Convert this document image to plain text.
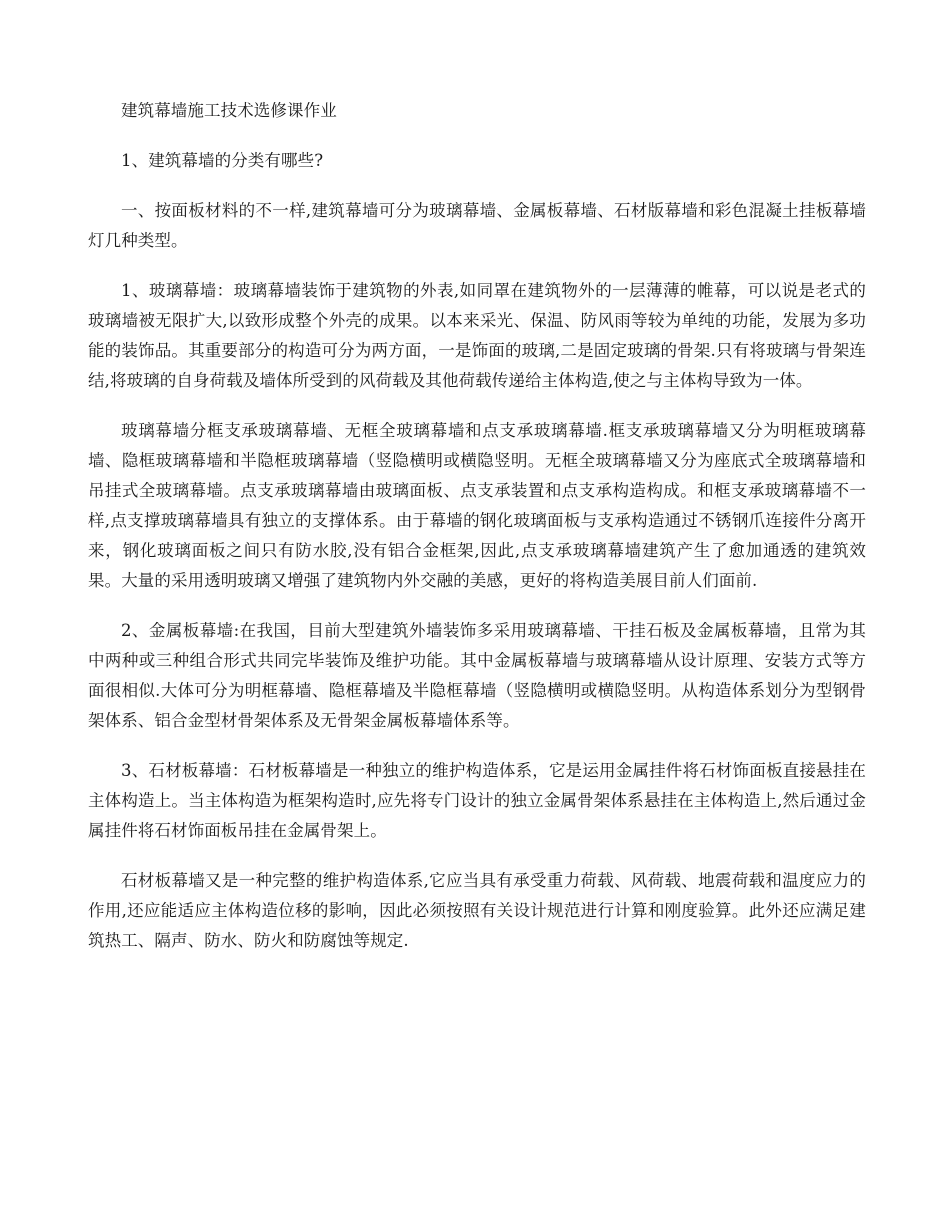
建筑幕墙施工技术选修课作业

1、建筑幕墙的分类有哪些?

一、按面板材料的不一样,建筑幕墙可分为玻璃幕墙、金属板幕墙、石材版幕墙和彩色混凝土挂板幕墙灯几种类型。

1、玻璃幕墙：玻璃幕墙装饰于建筑物的外表,如同罩在建筑物外的一层薄薄的帷幕，可以说是老式的玻璃墙被无限扩大,以致形成整个外壳的成果。以本来采光、保温、防风雨等较为单纯的功能，发展为多功能的装饰品。其重要部分的构造可分为两方面，一是饰面的玻璃,二是固定玻璃的骨架.只有将玻璃与骨架连结,将玻璃的自身荷载及墙体所受到的风荷载及其他荷载传递给主体构造,使之与主体构导致为一体。

玻璃幕墙分框支承玻璃幕墙、无框全玻璃幕墙和点支承玻璃幕墙.框支承玻璃幕墙又分为明框玻璃幕墙、隐框玻璃幕墙和半隐框玻璃幕墙（竖隐横明或横隐竖明。无框全玻璃幕墙又分为座底式全玻璃幕墙和吊挂式全玻璃幕墙。点支承玻璃幕墙由玻璃面板、点支承装置和点支承构造构成。和框支承玻璃幕墙不一样,点支撑玻璃幕墙具有独立的支撑体系。由于幕墙的钢化玻璃面板与支承构造通过不锈钢爪连接件分离开来，钢化玻璃面板之间只有防水胶,没有铝合金框架,因此,点支承玻璃幕墙建筑产生了愈加通透的建筑效果。大量的采用透明玻璃又增强了建筑物内外交融的美感，更好的将构造美展目前人们面前.

2、金属板幕墙:在我国，目前大型建筑外墙装饰多采用玻璃幕墙、干挂石板及金属板幕墙，且常为其中两种或三种组合形式共同完毕装饰及维护功能。其中金属板幕墙与玻璃幕墙从设计原理、安装方式等方面很相似.大体可分为明框幕墙、隐框幕墙及半隐框幕墙（竖隐横明或横隐竖明。从构造体系划分为型钢骨架体系、铝合金型材骨架体系及无骨架金属板幕墙体系等。

3、石材板幕墙：石材板幕墙是一种独立的维护构造体系，它是运用金属挂件将石材饰面板直接悬挂在主体构造上。当主体构造为框架构造时,应先将专门设计的独立金属骨架体系悬挂在主体构造上,然后通过金属挂件将石材饰面板吊挂在金属骨架上。

石材板幕墙又是一种完整的维护构造体系,它应当具有承受重力荷载、风荷载、地震荷载和温度应力的作用,还应能适应主体构造位移的影响，因此必须按照有关设计规范进行计算和刚度验算。此外还应满足建筑热工、隔声、防水、防火和防腐蚀等规定.
